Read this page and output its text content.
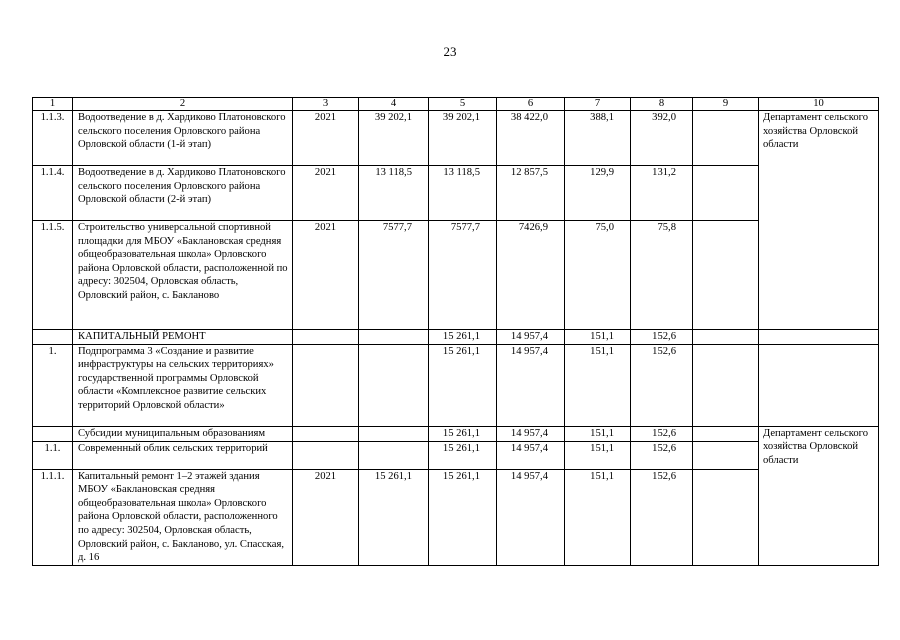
23
1	2	3	4	5	6	7	8	9	10
1.1.3.	Водоотведение в д. Хардиково Платоновского сельского поселения Орловского района Орловской области (1-й этап)	2021	39 202,1	39 202,1	38 422,0	388,1	392,0		Департамент сельского хозяйства Орловской области
1.1.4.	Водоотведение в д. Хардиково Платоновского сельского поселения Орловского района Орловской области (2-й этап)	2021	13 118,5	13 118,5	12 857,5	129,9	131,2		
1.1.5.	Строительство универсальной спортивной площадки для МБОУ «Баклановская средняя общеобразовательная школа» Орловского района Орловской области, расположенной по адресу: 302504, Орловская область, Орловский район, с. Бакланово	2021	7577,7	7577,7	7426,9	75,0	75,8		
	КАПИТАЛЬНЫЙ РЕМОНТ			15 261,1	14 957,4	151,1	152,6		
1.	Подпрограмма 3 «Создание и развитие инфраструктуры на сельских территориях» государственной программы Орловской области «Комплексное развитие сельских территорий Орловской области»			15 261,1	14 957,4	151,1	152,6		
	Субсидии муниципальным образованиям			15 261,1	14 957,4	151,1	152,6		Департамент сельского хозяйства Орловской области
1.1.	Современный облик сельских территорий			15 261,1	14 957,4	151,1	152,6		
1.1.1.	Капитальный ремонт 1–2 этажей здания МБОУ «Баклановская средняя общеобразовательная школа» Орловского района Орловской области, расположенного по адресу: 302504, Орловская область, Орловский район, с. Бакланово, ул. Спасская, д. 16	2021	15 261,1	15 261,1	14 957,4	151,1	152,6		
